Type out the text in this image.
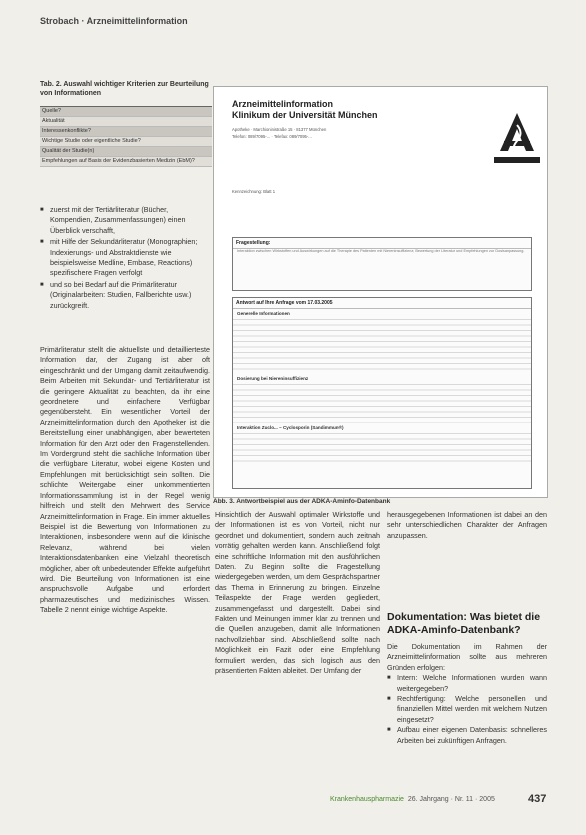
Strobach · Arzneimittelinformation
Tab. 2. Auswahl wichtiger Kriterien zur Beurteilung von Informationen
Quelle?
Aktualität
Interessenkonflikte?
Wichtige Studie oder eigentliche Studie?
Qualität der Studie(n)
Empfehlungen auf Basis der Evidenzbasierten Medizin (EbM)?
■ zuerst mit der Tertiärliteratur (Bücher, Kompendien, Zusammenfassungen) einen Überblick verschafft,
■ mit Hilfe der Sekundärliteratur (Monographien; Indexierungs- und Abstraktdienste wie beispielsweise Medline, Embase, Reactions) spezifischere Fragen verfolgt
■ und so bei Bedarf auf die Primärliteratur (Originalarbeiten: Studien, Fallberichte usw.) zurückgreift.

Primärliteratur stellt die aktuellste und detaillierteste Information dar, der Zugang ist aber oft eingeschränkt und der Umgang damit zeitaufwendig. Beim Arbeiten mit Sekundär- und Tertiärliteratur ist die geringere Aktualität zu beachten, da ihr eine geordnetere und einfachere Verfügbar gegenübersteht. Ein wesentlicher Vorteil der Arzneimittelinformation durch den Apotheker ist die Bereitstellung einer unabhängigen, aber bewerteten Information für den Arzt oder den Fragenstellenden. Im Vordergrund steht die sachliche Information über die verfügbare Literatur, wobei eigene Kosten und Empfehlungen mit berücksichtigt sein sollten. Die schlichte Weitergabe einer unkommentierten Informationssammlung ist in der Regel wenig hilfreich und stellt den Mehrwert des Service Arzneimittelinformation in Frage. Ein immer aktuelles Beispiel ist die Bewertung von Informationen zu Interaktionen, insbesondere wenn auf die klinische Relevanz, während bei vielen Interaktionsdatenbanken eine Vielzahl theoretisch möglicher, aber oft unbedeutender Effekte aufgeführt wird. Die Beurteilung von Informationen ist eine anspruchsvolle Aufgabe und erfordert pharmazeutisches und medizinisches Wissen. Tabelle 2 nennt einige wichtige Aspekte.

Arzneimittelinformation
Klinikum der Universität München
Apotheke · Marchioninistraße 15 · 81377 München
Telefon: 089/7095-... · Telefax: 089/7095-...
Kennzeichnung: Blatt 1
Fragestellung:
Interaktion zwischen Wirkstoffen und Auswirkungen auf die Therapie des Patienten mit Niereninsuffizienz; Bewertung der Literatur und Empfehlungen zur Dosisanpassung.
Antwort auf Ihre Anfrage vom 17.03.2005
Generelle Informationen
Dosierung bei Niereninsuffizienz
Interaktion Zuclo... – Cyclosporin (Sandimmun®)
Abb. 3. Antwortbeispiel aus der ADKA-Aminfo-Datenbank

Hinsichtlich der Auswahl optimaler Wirkstoffe und der Informationen ist es von Vorteil, nicht nur geordnet und dokumentiert, sondern auch zeitnah vorrätig gehalten werden kann. Anschließend folgt eine schriftliche Information mit den ausführlichen Daten. Zu Beginn sollte die Fragestellung wiedergegeben werden, um dem Gesprächspartner das Thema in Erinnerung zu bringen. Einzelne Teilaspekte der Frage werden gegliedert, zusammengefasst und dargestellt. Dabei sind Fakten und Meinungen immer klar zu trennen und die Quellen anzugeben, damit alle Informationen nachvollziehbar sind. Abschließend sollte nach Möglichkeit ein Fazit oder eine Empfehlung formuliert werden, das sich logisch aus den präsentierten Fakten ableitet. Der Umfang der

herausgegebenen Informationen ist dabei an den sehr unterschiedlichen Charakter der Anfragen anzupassen.

Dokumentation: Was bietet die ADKA-Aminfo-Datenbank?

Die Dokumentation im Rahmen der Arzneimittelinformation sollte aus mehreren Gründen erfolgen:

■ Intern: Welche Informationen wurden wann weitergegeben?
■ Rechtfertigung: Welche personellen und finanziellen Mittel werden mit welchem Nutzen eingesetzt?
■ Aufbau einer eigenen Datenbasis: schnelleres Arbeiten bei zukünftigen Anfragen.
Krankenhauspharmazie 26. Jahrgang · Nr. 11 · 2005	437
